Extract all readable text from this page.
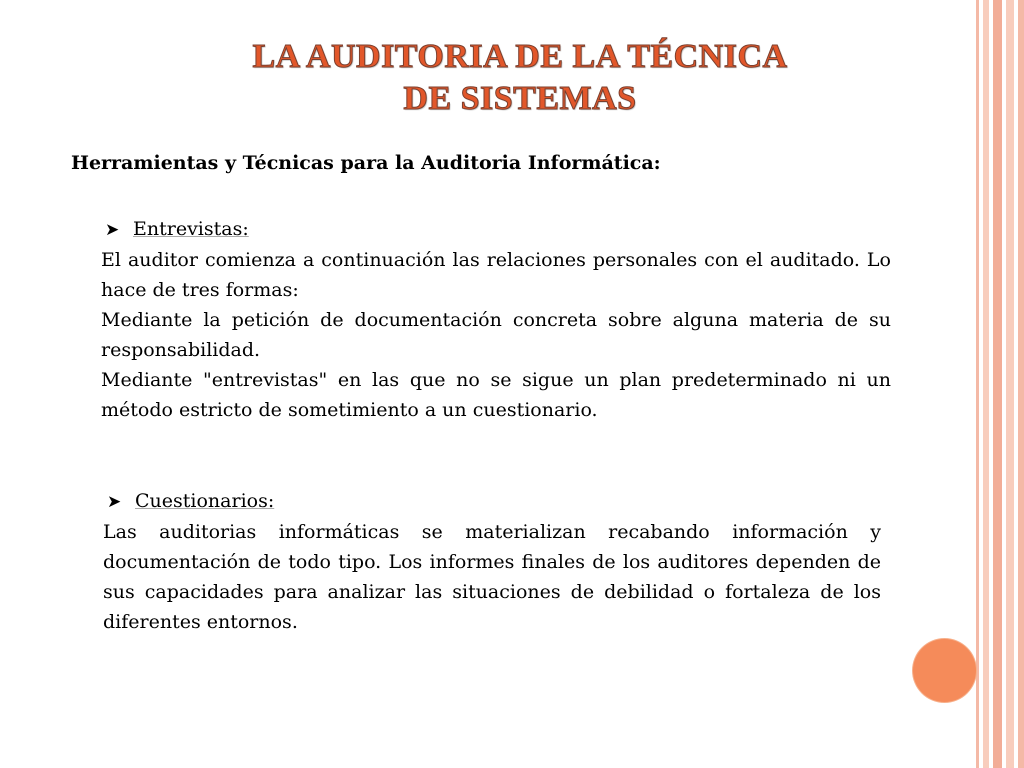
LA AUDITORIA DE LA TÉCNICA
DE SISTEMAS
Herramientas y Técnicas para la Auditoria Informática:
➤ Entrevistas:

El auditor comienza a continuación las relaciones personales con el auditado. Lo hace de tres formas:

Mediante la petición de documentación concreta sobre alguna materia de su responsabilidad.

Mediante "entrevistas" en las que no se sigue un plan predeterminado ni un método estricto de sometimiento a un cuestionario.

➤ Cuestionarios:

Las auditorias informáticas se materializan recabando información y documentación de todo tipo. Los informes finales de los auditores dependen de sus capacidades para analizar las situaciones de debilidad o fortaleza de los diferentes entornos.
